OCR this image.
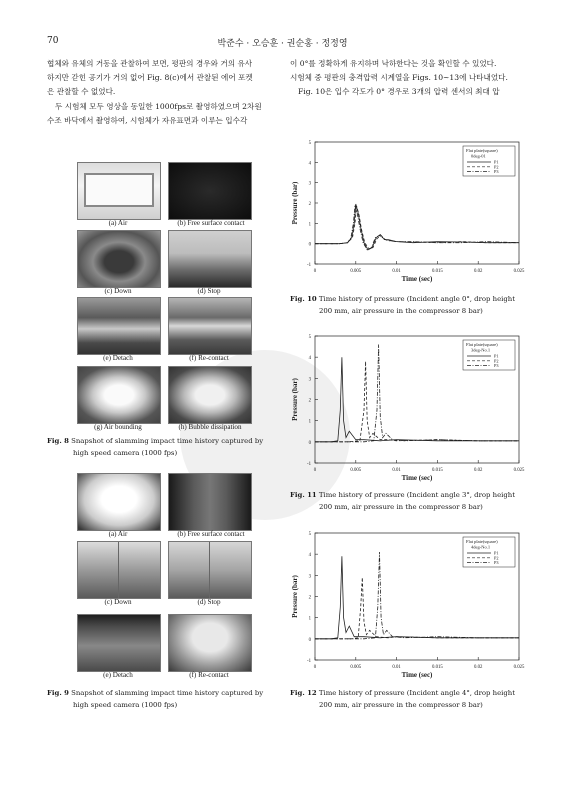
70	박준수 · 오승훈 · 권순홍 · 정정영
협체와 유체의 거동을 관찰하여 보면, 평판의 경우와 거의 유사
하지만 갇힌 공기가 거의 없어 Fig. 8(c)에서 관찰된 에어 포켓
은 관찰할 수 없었다.
두 시험체 모두 영상을 동일한 1000fps로 촬영하였으며 2차원
수조 바닥에서 촬영하여, 시험체가 자유표면과 이루는 입수각
이 0°를 정확하게 유지하며 낙하한다는 것을 확인할 수 있었다.
시험체 중 평판의 충격압력 시계열을 Figs. 10~13에 나타내었다.
Fig. 10은 입수 각도가 0° 경우로 3개의 압력 센서의 최대 압
(a) Air	(b) Free surface contact
(c) Down	(d) Stop
(e) Detach	(f) Re-contact
(g) Air bounding	(h) Bubble dissipation
Fig. 8 Snapshot of slamming impact time history captured by
high speed camera (1000 fps)
(a) Air	(b) Free surface contact
(c) Down	(d) Stop
(e) Detach	(f) Re-contact
Fig. 9 Snapshot of slamming impact time history captured by
high speed camera (1000 fps)
-1
0
1
2
3
4
5
0	0.005	0.01	0.015	0.02	0.025
Time (sec)
Pressure (bar)
Flat plate(square)
0deg-01
P1
P2
P3
Fig. 10 Time history of pressure (Incident angle 0°, drop height
200 mm, air pressure in the compressor 8 bar)
-1
0
1
2
3
4
5
0	0.005	0.01	0.015	0.02	0.025
Time (sec)
Pressure (bar)
Flat plate(square)
3deg-No.1
P1
P2
P3
Fig. 11 Time history of pressure (Incident angle 3°, drop height
200 mm, air pressure in the compressor 8 bar)
-1
0
1
2
3
4
5
0	0.005	0.01	0.015	0.02	0.025
Time (sec)
Pressure (bar)
Flat plate(square)
4deg-No.1
P1
P2
P3
Fig. 12 Time history of pressure (Incident angle 4°, drop height
200 mm, air pressure in the compressor 8 bar)
